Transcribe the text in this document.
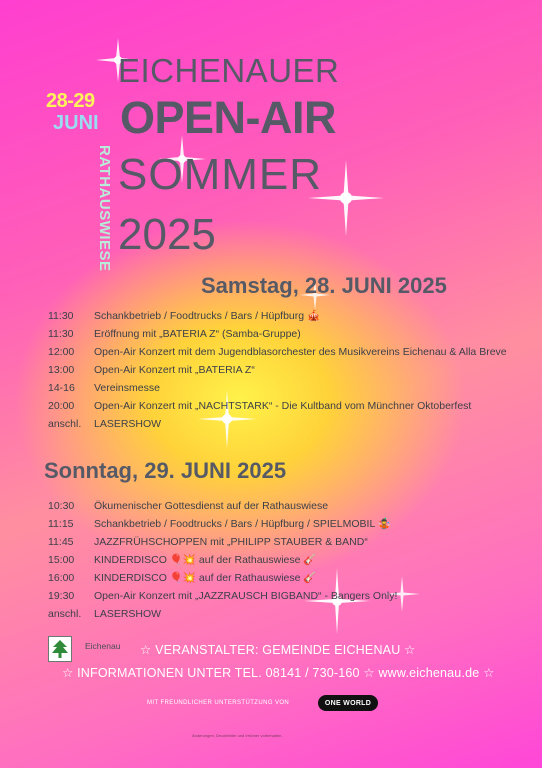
28-29
JUNI
RATHAUSWIESE
EICHENAUER
OPEN-AIR
SOMMER
2025
Samstag, 28. JUNI 2025
11:30	Schankbetrieb / Foodtrucks / Bars / Hüpfburg 🎪
11:30	Eröffnung mit „BATERIA Z“ (Samba-Gruppe)
12:00	Open-Air Konzert mit dem Jugendblasorchester des Musikvereins Eichenau & Alla Breve
13:00	Open-Air Konzert mit „BATERIA Z“
14-16	Vereinsmesse
20:00	Open-Air Konzert mit „NACHTSTARK“ - Die Kultband vom Münchner Oktoberfest
anschl.	LASERSHOW
Sonntag, 29. JUNI 2025
10:30	Ökumenischer Gottesdienst auf der Rathauswiese
11:15	Schankbetrieb / Foodtrucks / Bars / Hüpfburg / SPIELMOBIL 🤹
11:45	JAZZFRÜHSCHOPPEN mit „PHILIPP STAUBER & BAND“
15:00	KINDERDISCO 🎈💥 auf der Rathauswiese 🎸
16:00	KINDERDISCO 🎈💥 auf der Rathauswiese 🎸
19:30	Open-Air Konzert mit „JAZZRAUSCH BIGBAND“ - Bangers Only!
anschl.	LASERSHOW
Eichenau ☆ VERANSTALTER: GEMEINDE EICHENAU ☆
☆ INFORMATIONEN UNTER TEL. 08141 / 730-160 ☆ www.eichenau.de ☆
MIT FREUNDLICHER UNTERSTÜTZUNG VON	ONE WORLD
Änderungen, Druckfehler und Irrtümer vorbehalten.
